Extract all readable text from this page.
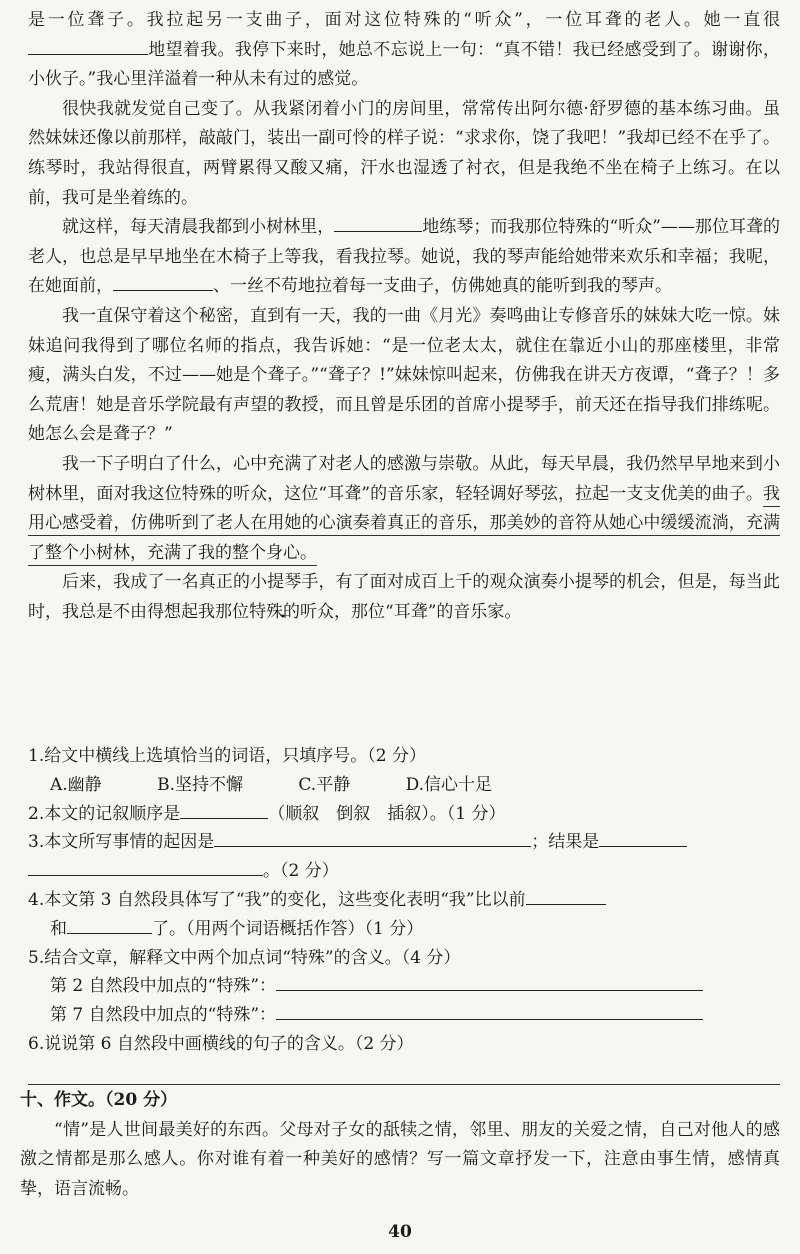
是一位聋子。我拉起另一支曲子，面对这位特殊的“听众”，一位耳聋的老人。她一直很地望着我。我停下来时，她总不忘说上一句：“真不错！我已经感受到了。谢谢你，小伙子。”我心里洋溢着一种从未有过的感觉。

很快我就发觉自己变了。从我紧闭着小门的房间里，常常传出阿尔德·舒罗德的基本练习曲。虽然妹妹还像以前那样，敲敲门，装出一副可怜的样子说：“求求你，饶了我吧！”我却已经不在乎了。练琴时，我站得很直，两臂累得又酸又痛，汗水也湿透了衬衣，但是我绝不坐在椅子上练习。在以前，我可是坐着练的。

就这样，每天清晨我都到小树林里，	地练琴；而我那位特殊的“听众”——那位耳聋的老人，也总是早早地坐在木椅子上等我，看我拉琴。她说，我的琴声能给她带来欢乐和幸福；我呢，在她面前，	、一丝不苟地拉着每一支曲子，仿佛她真的能听到我的琴声。

我一直保守着这个秘密，直到有一天，我的一曲《月光》奏鸣曲让专修音乐的妹妹大吃一惊。妹妹追问我得到了哪位名师的指点，我告诉她：“是一位老太太，就住在靠近小山的那座楼里，非常瘦，满头白发，不过——她是个聋子。”“聋子？!”妹妹惊叫起来，仿佛我在讲天方夜谭，“聋子？！多么荒唐！她是音乐学院最有声望的教授，而且曾是乐团的首席小提琴手，前天还在指导我们排练呢。她怎么会是聋子？”

我一下子明白了什么，心中充满了对老人的感激与崇敬。从此，每天早晨，我仍然早早地来到小树林里，面对我这位特殊的听众，这位“耳聋”的音乐家，轻轻调好琴弦，拉起一支支优美的曲子。我用心感受着，仿佛听到了老人在用她的心演奏着真正的音乐，那美妙的音符从她心中缓缓流淌，充满了整个小树林，充满了我的整个身心。

后来，我成了一名真正的小提琴手，有了面对成百上千的观众演奏小提琴的机会，但是，每当此时，我总是不由得想起我那位特殊的听众，那位“耳聋”的音乐家。

1.给文中横线上选填恰当的词语，只填序号。（2 分）
A.幽静	B.坚持不懈	C.平静	D.信心十足
2.本文的记叙顺序是	（顺叙　倒叙　插叙）。（1 分）
3.本文所写事情的起因是	；结果是
。（2 分）
4.本文第 3 自然段具体写了“我”的变化，这些变化表明“我”比以前
和	了。（用两个词语概括作答）（1 分）
5.结合文章，解释文中两个加点词“特殊”的含义。（4 分）
第 2 自然段中加点的“特殊”：
第 7 自然段中加点的“特殊”：
6.说说第 6 自然段中画横线的句子的含义。（2 分）
十、作文。（20 分）

“情”是人世间最美好的东西。父母对子女的舐犊之情，邻里、朋友的关爱之情，自己对他人的感激之情都是那么感人。你对谁有着一种美好的感情？写一篇文章抒发一下，注意由事生情，感情真挚，语言流畅。

40
